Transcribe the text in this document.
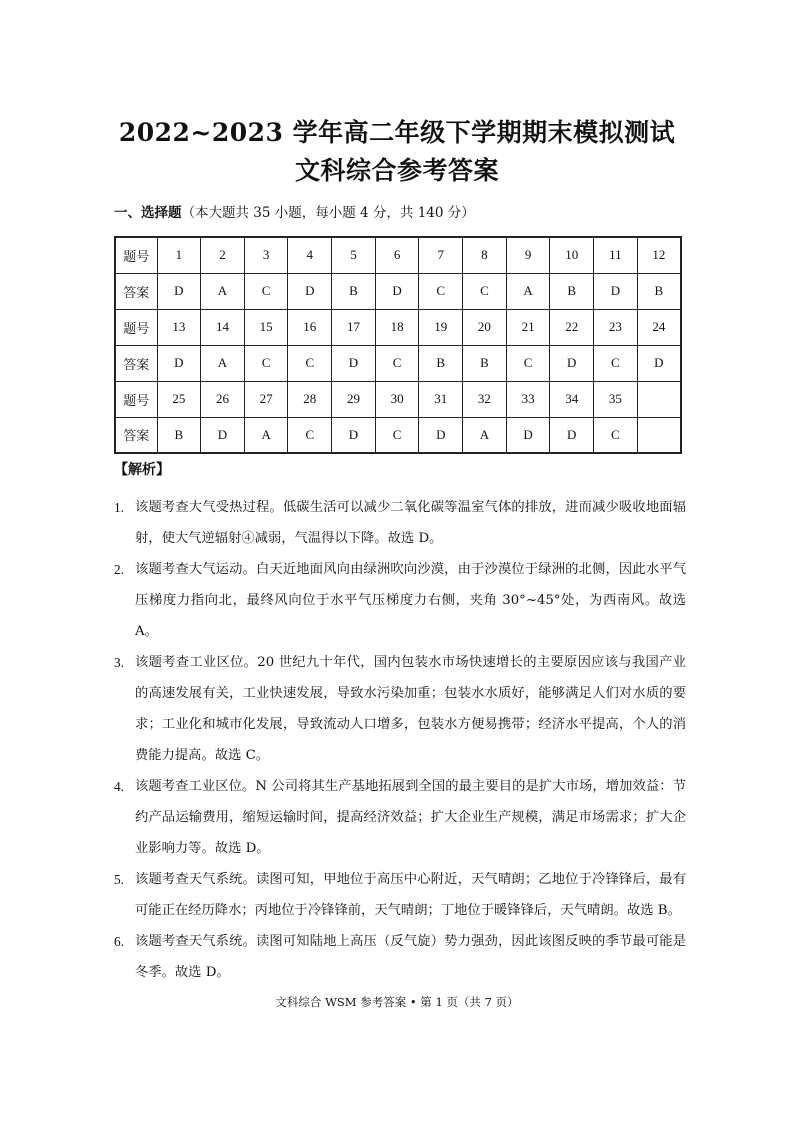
2022~2023 学年高二年级下学期期末模拟测试
文科综合参考答案
一、选择题（本大题共 35 小题，每小题 4 分，共 140 分）
题号	1	2	3	4	5	6	7	8	9	10	11	12
答案	D	A	C	D	B	D	C	C	A	B	D	B
题号	13	14	15	16	17	18	19	20	21	22	23	24
答案	D	A	C	C	D	C	B	B	C	D	C	D
题号	25	26	27	28	29	30	31	32	33	34	35	
答案	B	D	A	C	D	C	D	A	D	D	C	
【解析】
1. 该题考查大气受热过程。低碳生活可以减少二氧化碳等温室气体的排放，进而减少吸收地面辐射，使大气逆辐射④减弱，气温得以下降。故选 D。
2. 该题考查大气运动。白天近地面风向由绿洲吹向沙漠，由于沙漠位于绿洲的北侧，因此水平气压梯度力指向北，最终风向位于水平气压梯度力右侧，夹角 30°~45°处，为西南风。故选 A。
3. 该题考查工业区位。20 世纪九十年代，国内包装水市场快速增长的主要原因应该与我国产业的高速发展有关，工业快速发展，导致水污染加重；包装水水质好，能够满足人们对水质的要求；工业化和城市化发展，导致流动人口增多，包装水方便易携带；经济水平提高，个人的消费能力提高。故选 C。
4. 该题考查工业区位。N 公司将其生产基地拓展到全国的最主要目的是扩大市场，增加效益：节约产品运输费用，缩短运输时间，提高经济效益；扩大企业生产规模，满足市场需求；扩大企业影响力等。故选 D。
5. 该题考查天气系统。读图可知，甲地位于高压中心附近，天气晴朗；乙地位于冷锋锋后，最有可能正在经历降水；丙地位于冷锋锋前，天气晴朗；丁地位于暖锋锋后，天气晴朗。故选 B。
6. 该题考查天气系统。读图可知陆地上高压（反气旋）势力强劲，因此该图反映的季节最可能是冬季。故选 D。
文科综合 WSM 参考答案 • 第 1 页（共 7 页）
